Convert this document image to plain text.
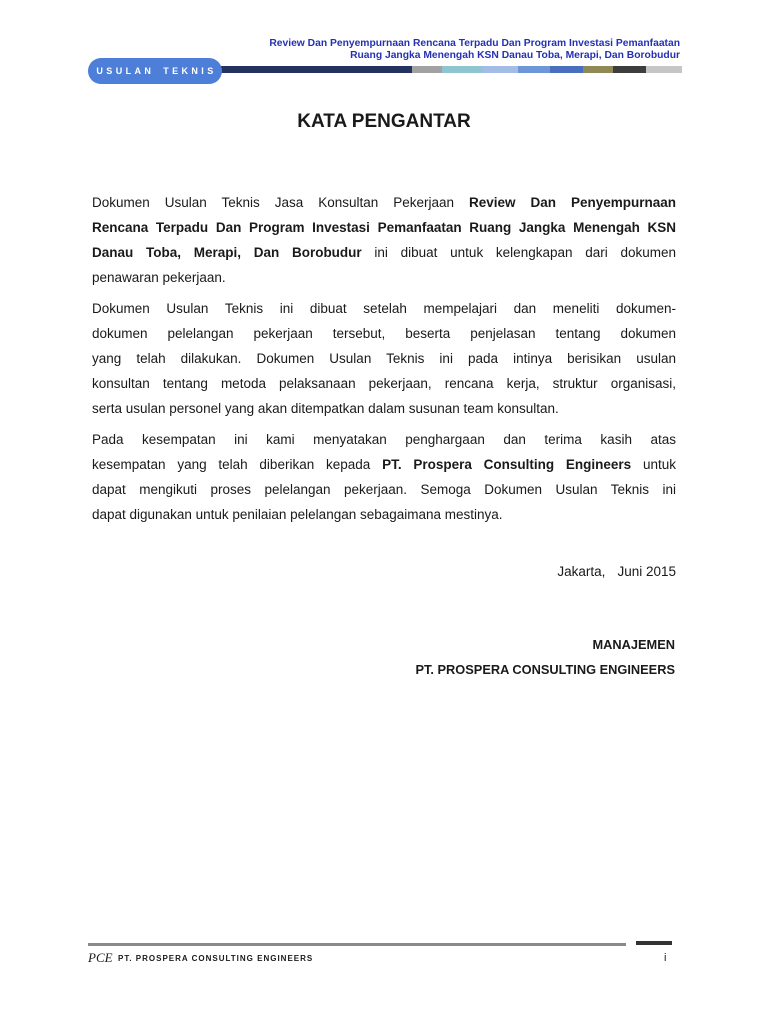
Review Dan Penyempurnaan Rencana Terpadu Dan Program Investasi Pemanfaatan
Ruang Jangka Menengah KSN Danau Toba, Merapi, Dan Borobudur
USULAN TEKNIS
KATA PENGANTAR
Dokumen Usulan Teknis Jasa Konsultan Pekerjaan Review Dan Penyempurnaan
Rencana Terpadu Dan Program Investasi Pemanfaatan Ruang Jangka Menengah KSN
Danau Toba, Merapi, Dan Borobudur ini dibuat untuk kelengkapan dari dokumen
penawaran pekerjaan.
Dokumen Usulan Teknis ini dibuat setelah mempelajari dan meneliti dokumen-
dokumen pelelangan pekerjaan tersebut, beserta penjelasan tentang dokumen
yang telah dilakukan. Dokumen Usulan Teknis ini pada intinya berisikan usulan
konsultan tentang metoda pelaksanaan pekerjaan, rencana kerja, struktur organisasi,
serta usulan personel yang akan ditempatkan dalam susunan team konsultan.
Pada kesempatan ini kami menyatakan penghargaan dan terima kasih atas
kesempatan yang telah diberikan kepada PT. Prospera Consulting Engineers untuk
dapat mengikuti proses pelelangan pekerjaan. Semoga Dokumen Usulan Teknis ini
dapat digunakan untuk penilaian pelelangan sebagaimana mestinya.
Jakarta, Juni 2015
MANAJEMEN
PT. PROSPERA CONSULTING ENGINEERS
PCE PT. PROSPERA CONSULTING ENGINEERS	i
